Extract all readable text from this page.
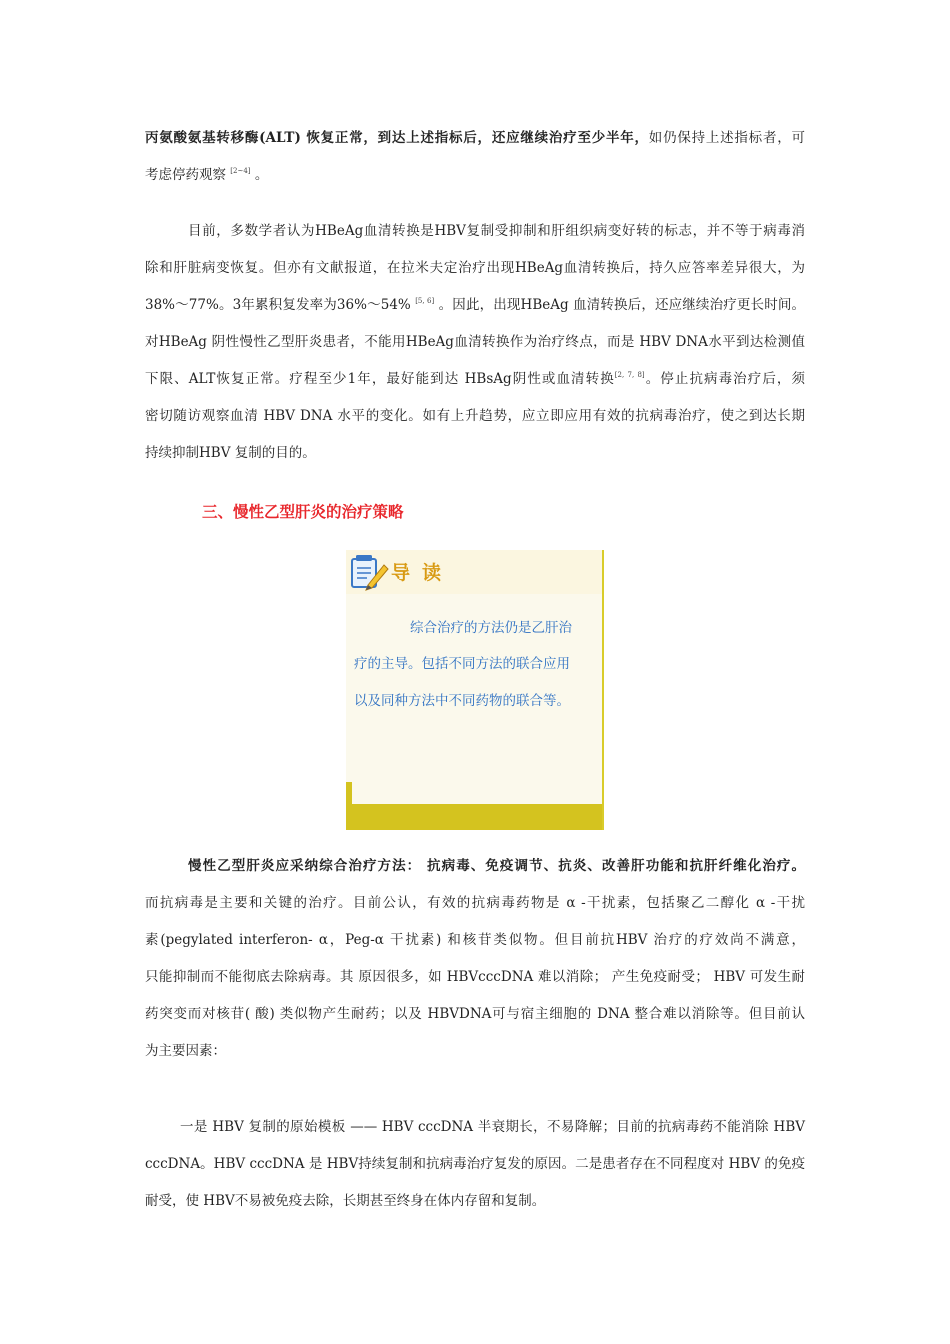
丙氨酸氨基转移酶(ALT) 恢复正常，到达上述指标后，还应继续治疗至少半年，如仍保持上述指标者，可
考虑停药观察 [2~4] 。
目前，多数学者认为HBeAg血清转换是HBV复制受抑制和肝组织病变好转的标志，并不等于病毒消
除和肝脏病变恢复。但亦有文献报道，在拉米夫定治疗出现HBeAg血清转换后，持久应答率差异很大，为
38%～77%。3年累积复发率为36%～54% [5, 6] 。因此，出现HBeAg 血清转换后，还应继续治疗更长时间。
对HBeAg 阴性慢性乙型肝炎患者，不能用HBeAg血清转换作为治疗终点，而是 HBV DNA水平到达检测值
下限、ALT恢复正常。疗程至少1年，最好能到达 HBsAg阴性或血清转换[2, 7, 8]。停止抗病毒治疗后，须
密切随访观察血清 HBV DNA 水平的变化。如有上升趋势，应立即应用有效的抗病毒治疗，使之到达长期
持续抑制HBV 复制的目的。
三、慢性乙型肝炎的治疗策略
导读
综合治疗的方法仍是乙肝治
疗的主导。包括不同方法的联合应用
以及同种方法中不同药物的联合等。
慢性乙型肝炎应采纳综合治疗方法： 抗病毒、免疫调节、抗炎、改善肝功能和抗肝纤维化治疗。
而抗病毒是主要和关键的治疗。目前公认，有效的抗病毒药物是 α -干扰素，包括聚乙二醇化 α -干扰
素(pegylated interferon- α，Peg-α 干扰素) 和核苷类似物。但目前抗HBV 治疗的疗效尚不满意，
只能抑制而不能彻底去除病毒。其 原因很多，如 HBVcccDNA 难以消除； 产生免疫耐受； HBV 可发生耐
药突变而对核苷( 酸) 类似物产生耐药；以及 HBVDNA可与宿主细胞的 DNA 整合难以消除等。但目前认
为主要因素：
一是 HBV 复制的原始模板 —— HBV cccDNA 半衰期长，不易降解；目前的抗病毒药不能消除 HBV
cccDNA。HBV cccDNA 是 HBV持续复制和抗病毒治疗复发的原因。二是患者存在不同程度对 HBV 的免疫
耐受，使 HBV不易被免疫去除，长期甚至终身在体内存留和复制。
